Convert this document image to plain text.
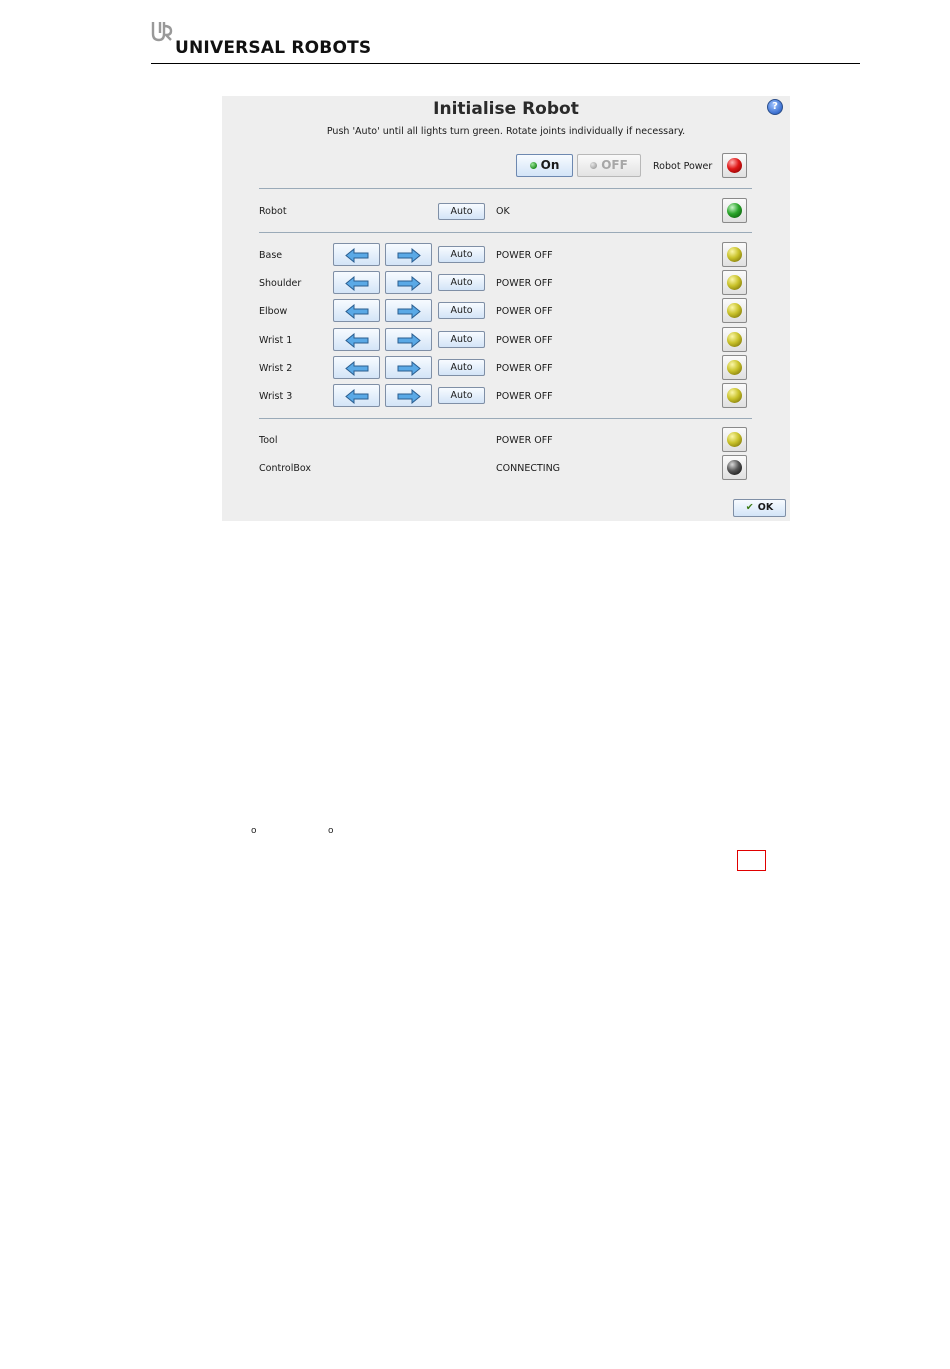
UNIVERSAL ROBOTS
Initialise Robot
Push 'Auto' until all lights turn green. Rotate joints individually if necessary.
?
On	OFF	Robot Power
Robot	Auto	OK
Base	Auto	POWER OFF
Shoulder	Auto	POWER OFF
Elbow	Auto	POWER OFF
Wrist 1	Auto	POWER OFF
Wrist 2	Auto	POWER OFF
Wrist 3	Auto	POWER OFF
Tool	POWER OFF
ControlBox	CONNECTING
✔ OK
o	o
